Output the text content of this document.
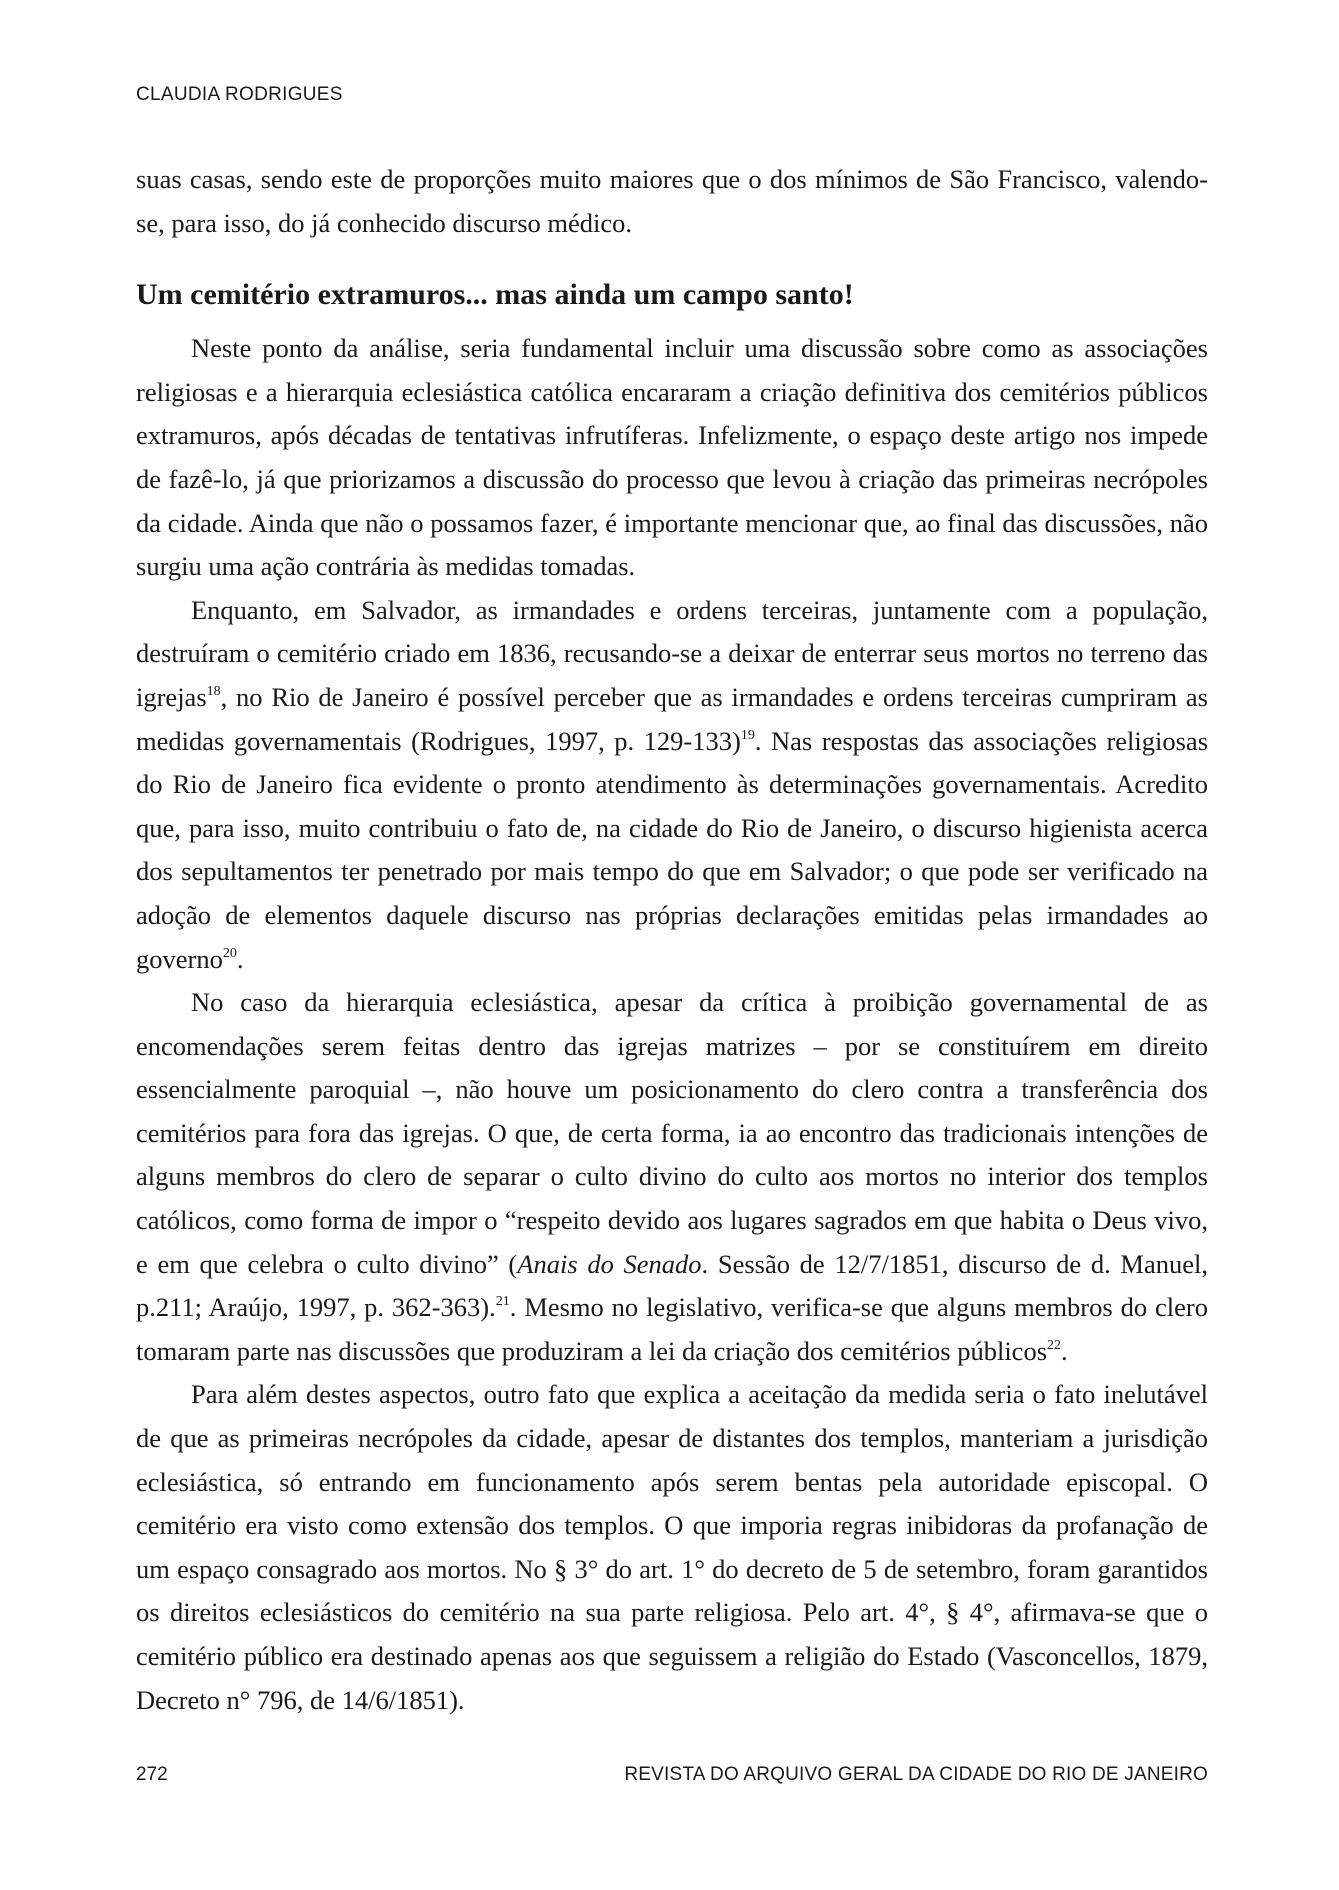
CLAUDIA RODRIGUES

suas casas, sendo este de proporções muito maiores que o dos mínimos de São Francisco, valendo-se, para isso, do já conhecido discurso médico.

Um cemitério extramuros... mas ainda um campo santo!

Neste ponto da análise, seria fundamental incluir uma discussão sobre como as associações religiosas e a hierarquia eclesiástica católica encararam a criação definitiva dos cemitérios públicos extramuros, após décadas de tentativas infrutíferas. Infelizmente, o espaço deste artigo nos impede de fazê-lo, já que priorizamos a discussão do processo que levou à criação das primeiras necrópoles da cidade. Ainda que não o possamos fazer, é importante mencionar que, ao final das discussões, não surgiu uma ação contrária às medidas tomadas.

Enquanto, em Salvador, as irmandades e ordens terceiras, juntamente com a população, destruíram o cemitério criado em 1836, recusando-se a deixar de enterrar seus mortos no terreno das igrejas$^{18}$, no Rio de Janeiro é possível perceber que as irmandades e ordens terceiras cumpriram as medidas governamentais (Rodrigues, 1997, p. 129-133)$^{19}$. Nas respostas das associações religiosas do Rio de Janeiro fica evidente o pronto atendimento às determinações governamentais. Acredito que, para isso, muito contribuiu o fato de, na cidade do Rio de Janeiro, o discurso higienista acerca dos sepultamentos ter penetrado por mais tempo do que em Salvador; o que pode ser verificado na adoção de elementos daquele discurso nas próprias declarações emitidas pelas irmandades ao governo$^{20}$.

No caso da hierarquia eclesiástica, apesar da crítica à proibição governamental de as encomendações serem feitas dentro das igrejas matrizes – por se constituírem em direito essencialmente paroquial –, não houve um posicionamento do clero contra a transferência dos cemitérios para fora das igrejas. O que, de certa forma, ia ao encontro das tradicionais intenções de alguns membros do clero de separar o culto divino do culto aos mortos no interior dos templos católicos, como forma de impor o “respeito devido aos lugares sagrados em que habita o Deus vivo, e em que celebra o culto divino” (Anais do Senado. Sessão de 12/7/1851, discurso de d. Manuel, p.211; Araújo, 1997, p. 362-363).$^{21}$. Mesmo no legislativo, verifica-se que alguns membros do clero tomaram parte nas discussões que produziram a lei da criação dos cemitérios públicos$^{22}$.

Para além destes aspectos, outro fato que explica a aceitação da medida seria o fato inelutável de que as primeiras necrópoles da cidade, apesar de distantes dos templos, manteriam a jurisdição eclesiástica, só entrando em funcionamento após serem bentas pela autoridade episcopal. O cemitério era visto como extensão dos templos. O que imporia regras inibidoras da profanação de um espaço consagrado aos mortos. No § 3° do art. 1° do decreto de 5 de setembro, foram garantidos os direitos eclesiásticos do cemitério na sua parte religiosa. Pelo art. 4°, § 4°, afirmava-se que o cemitério público era destinado apenas aos que seguissem a religião do Estado (Vasconcellos, 1879, Decreto n° 796, de 14/6/1851).

272	REVISTA DO ARQUIVO GERAL DA CIDADE DO RIO DE JANEIRO
